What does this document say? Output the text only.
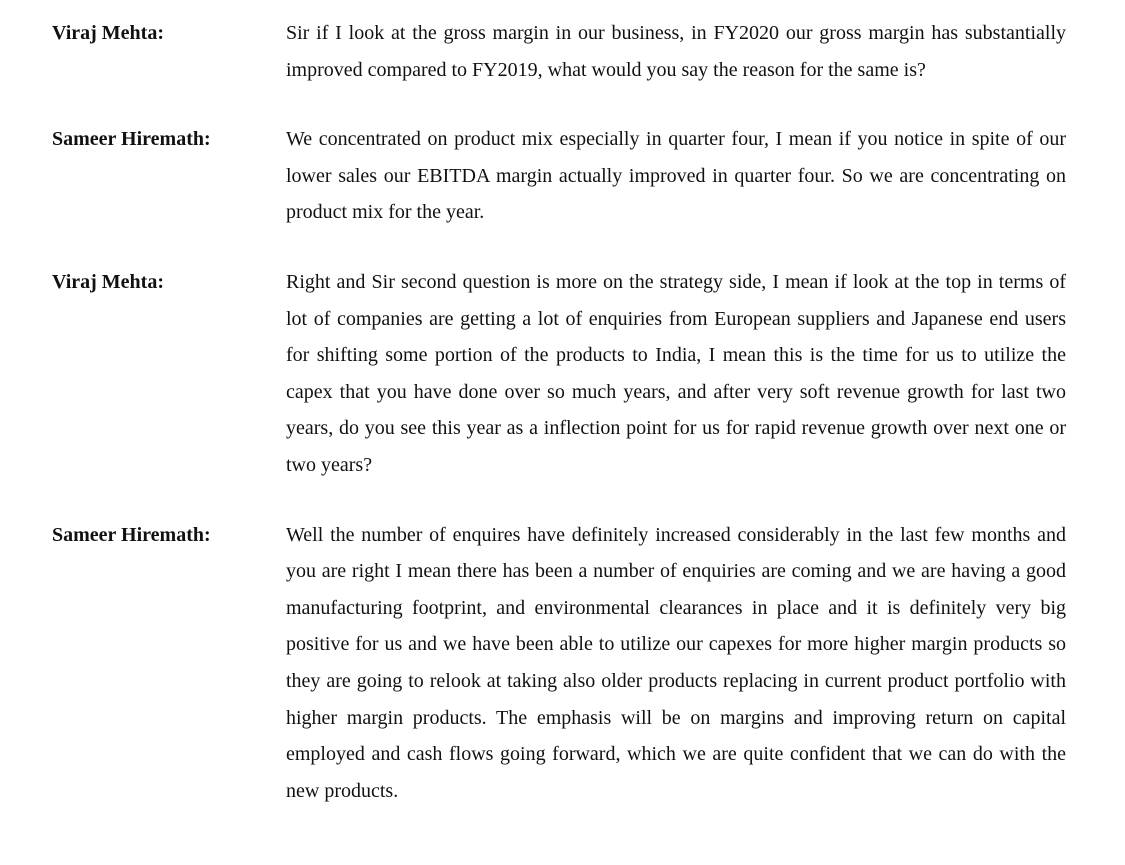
Viraj Mehta:	Sir if I look at the gross margin in our business, in FY2020 our gross margin has substantially improved compared to FY2019, what would you say the reason for the same is?
Sameer Hiremath:	We concentrated on product mix especially in quarter four, I mean if you notice in spite of our lower sales our EBITDA margin actually improved in quarter four. So we are concentrating on product mix for the year.
Viraj Mehta:	Right and Sir second question is more on the strategy side, I mean if look at the top in terms of lot of companies are getting a lot of enquiries from European suppliers and Japanese end users for shifting some portion of the products to India, I mean this is the time for us to utilize the capex that you have done over so much years, and after very soft revenue growth for last two years, do you see this year as a inflection point for us for rapid revenue growth over next one or two years?
Sameer Hiremath:	Well the number of enquires have definitely increased considerably in the last few months and you are right I mean there has been a number of enquiries are coming and we are having a good manufacturing footprint, and environmental clearances in place and it is definitely very big positive for us and we have been able to utilize our capexes for more higher margin products so they are going to relook at taking also older products replacing in current product portfolio with higher margin products. The emphasis will be on margins and improving return on capital employed and cash flows going forward, which we are quite confident that we can do with the new products.
